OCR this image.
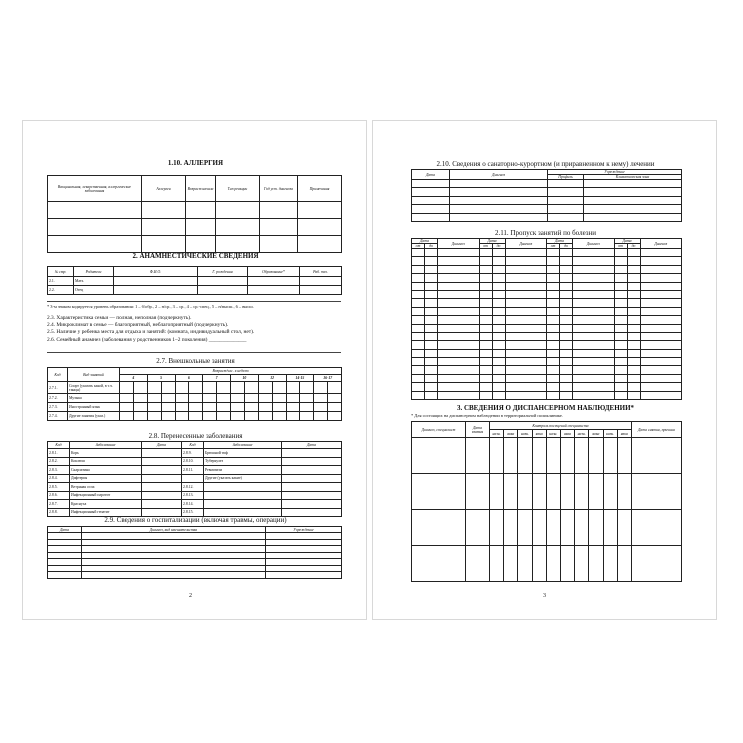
1.10. АЛЛЕРГИЯ
Вакцинальная, лекарственная, аллергические заболевания	Аллерген	Возраст начала	Тип реакции	Год уст. диагноза	Примечания

2. АНАМНЕСТИЧЕСКИЕ СВЕДЕНИЯ
№ стр.	Родители	Ф.И.О.	Г. рождения	Образование*	Раб. тел.
2.1.	Мать				
2.2.	Отец				
* 3-м знаком кодируется уровень образования: 1 – б/обр., 2 – н/ср., 3 – ср., 4 – ср.-спец., 5 – н/высш., 6 – высш.
2.3. Характеристика семьи — полная, неполная (подчеркнуть).
2.4. Микроклимат в семье — благоприятный, неблагоприятный (подчеркнуть).
2.5. Наличие у ребенка места для отдыха и занятий: (комната, индивидуальный стол, нет).
2.6. Семейный анамнез (заболевания у родственников 1–2 поколения) ______________
2.7. Внешкольные занятия
Код	Вид занятий	Возраст/час. в неделю															
		4		5		6		7		10		12		14-15		16-17	
2.7.1.	Спорт (указать какой, в т.ч. танцы)																
2.7.2.	Музыка																
2.7.3.	Иностранный язык																
2.7.4.	Другие занятия (указ.)																
2.8. Перенесенные заболевания
Код	Заболевание	Дата	Код	Заболевание	Дата
2.8.1.	Корь		2.8.9.	Брюшной тиф	
2.8.2.	Коклюш		2.8.10.	Туберкулез	
2.8.3.	Скарлатина		2.8.11.	Ревматизм	
2.8.4.	Дифтерия			Другие (указать какие)	
2.8.5.	Ветряная оспа		2.8.12.		
2.8.6.	Инфекционный паротит		2.8.13.		
2.8.7.	Краснуха		2.8.14.		
2.8.8.	Инфекционный гепатит		2.8.15.		
2.9. Сведения о госпитализации (включая травмы, операции)
Дата	Диагноз, вид вмешательства	Учреждение

2
2.10. Сведения о санаторно-курортном (и приравненном к нему) лечении
Дата	Диагноз	Учреждение	
		Профиль	Климатическая зона

2.11. Пропуск занятий по болезни
Дата		Диагноз	Дата		Диагноз	Дата		Диагноз	Дата		Диагноз
от	до		от	до		от	до		от	до	

3. СВЕДЕНИЯ О ДИСПАНСЕРНОМ НАБЛЮДЕНИИ*
* Для состоящих на диспансерном наблюдении в территориальной поликлинике.
Диагноз, специалист	Дата взятия	Контроль посещений специалиста										Дата снятия, причина
		назн.	явка	назн.	явка	назн.	явка	назн.	явка	назн.	явка	

3
